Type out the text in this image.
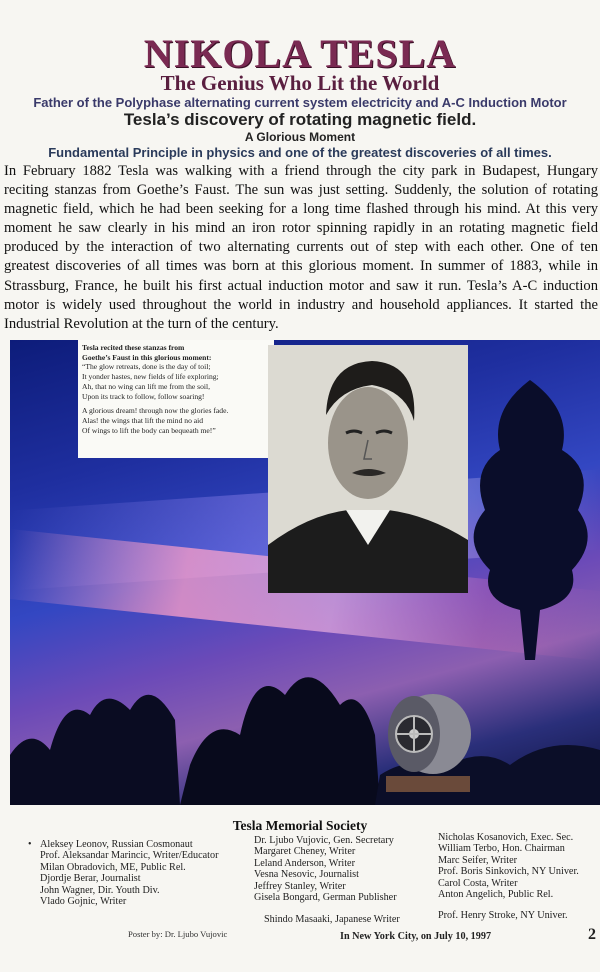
NIKOLA TESLA
The Genius Who Lit the World
Father of the Polyphase alternating current system electricity and A-C Induction Motor
Tesla’s discovery of rotating magnetic field.
A Glorious Moment
Fundamental Principle in physics and one of the greatest discoveries of all times.
In February 1882 Tesla was walking with a friend through the city park in Budapest, Hungary reciting stanzas from Goethe’s Faust. The sun was just setting. Suddenly, the solution of rotating magnetic field, which he had been seeking for a long time flashed through his mind. At this very moment he saw clearly in his mind an iron rotor spinning rapidly in an rotating magnetic field produced by the interaction of two alternating currents out of step with each other. One of ten greatest discoveries of all times was born at this glorious moment. In summer of 1883, while in Strassburg, France, he built his first actual induction motor and saw it run. Tesla’s A-C induction motor is widely used throughout the world in industry and household appliances. It started the Industrial Revolution at the turn of the century.
Tesla recited these stanzas from
Goethe’s Faust in this glorious moment:
“The glow retreats, done is the day of toil;
It yonder hastes, new fields of life exploring;
Ah, that no wing can lift me from the soil,
Upon its track to follow, follow soaring!
A glorious dream! through now the glories fade.
Alas! the wings that lift the mind no aid
Of wings to lift the body can bequeath me!”
Tesla Memorial Society
• Aleksey Leonov, Russian Cosmonaut
Prof. Aleksandar Marincic, Writer/Educator
Milan Obradovich, ME, Public Rel.
Djordje Berar, Journalist
John Wagner, Dir. Youth Div.
Vlado Gojnic, Writer
Dr. Ljubo Vujovic, Gen. Secretary
Margaret Cheney, Writer
Leland Anderson, Writer
Vesna Nesovic, Journalist
Jeffrey Stanley, Writer
Gisela Bongard, German Publisher
Nicholas Kosanovich, Exec. Sec.
William Terbo, Hon. Chairman
Marc Seifer, Writer
Prof. Boris Sinkovich, NY Univer.
Carol Costa, Writer
Anton Angelich, Public Rel.
Shindo Masaaki, Japanese Writer	Prof. Henry Stroke, NY Univer.
Poster by: Dr. Ljubo Vujovic	In New York City, on July 10, 1997	2
